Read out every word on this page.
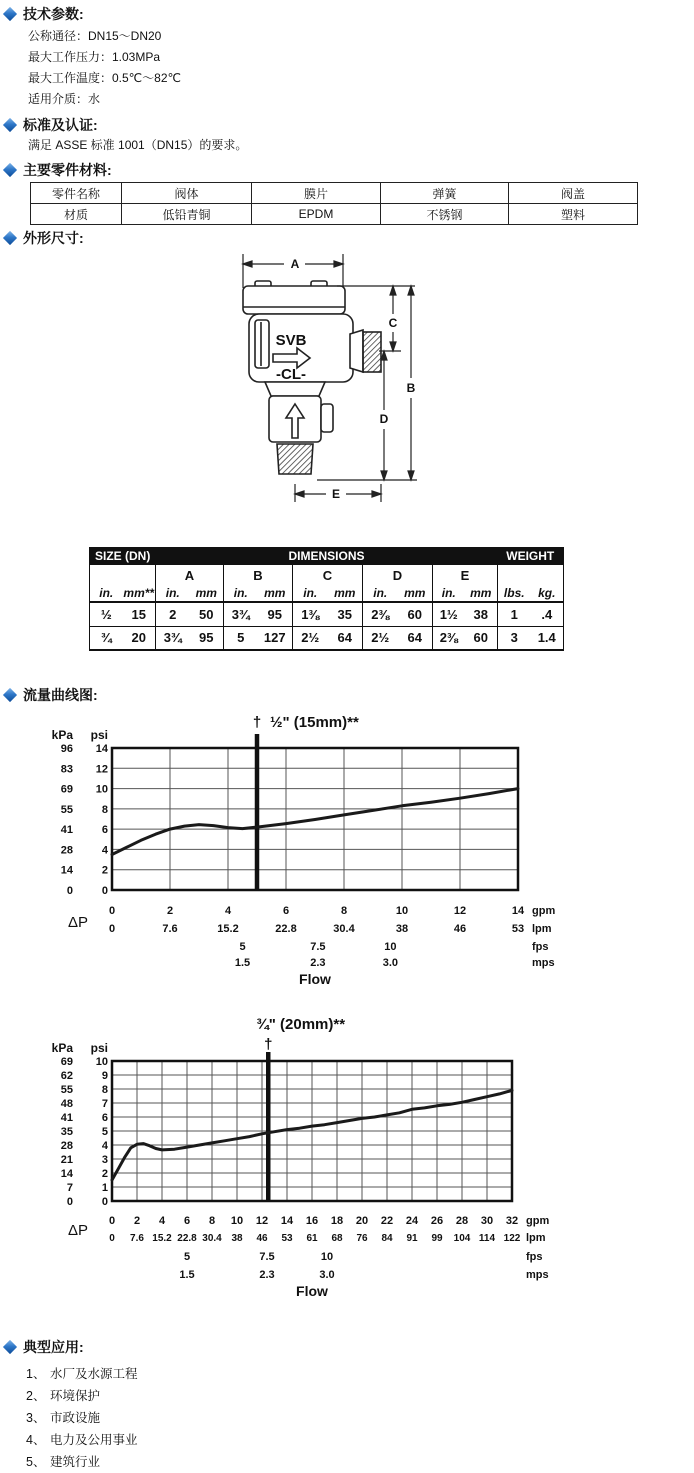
技术参数:
公称通径：DN15～DN20
最大工作压力：1.03MPa
最大工作温度：0.5℃～82℃
适用介质：水
标准及认证:
满足 ASSE 标准 1001（DN15）的要求。
主要零件材料:
零件名称	阀体	膜片	弹簧	阀盖
材质	低铅青铜	EPDM	不锈钢	塑料
外形尺寸:
A
SVB
-CL-
C
B
D
E
SIZE (DN)		DIMENSIONS										WEIGHT	
		A		B		C		D		E			
in.	mm**	in.	mm	in.	mm	in.	mm	in.	mm	in.	mm	lbs.	kg.
½	15	2	50	3¾	95	1⅜	35	2⅜	60	1½	38	1	.4
¾	20	3¾	95	5	127	2½	64	2½	64	2⅜	60	3	1.4
流量曲线图:
† ½" (15mm)**
kPa psi
96 14
83 12
69 10
55	8
41	6
28	4
14	2
0	0
0
0
2
7.6
4
15.2
6
22.8
8
30.4
10
38
12
46
14
53
5	7.5	10
1.5	2.3	3.0
gpm
lpm
fps
mps
ΔP
Flow
¾" (20mm)**
†
kPa psi
69 10
62	9
55	8
48	7
41	6
35	5
28	4
21	3
14	2
7	1
0	0
0
0
2
7.6
4
15.2
6
22.8
8
30.4
10
38
12
46
14
53
16
61
18
68
20
76
22
84
24
91
26
99
28
104
30
114
32
122
5	7.5	10
1.5	2.3	3.0
gpm
lpm
fps
mps
ΔP
Flow
典型应用:
1、 水厂及水源工程
2、 环境保护
3、 市政设施
4、 电力及公用事业
5、 建筑行业
